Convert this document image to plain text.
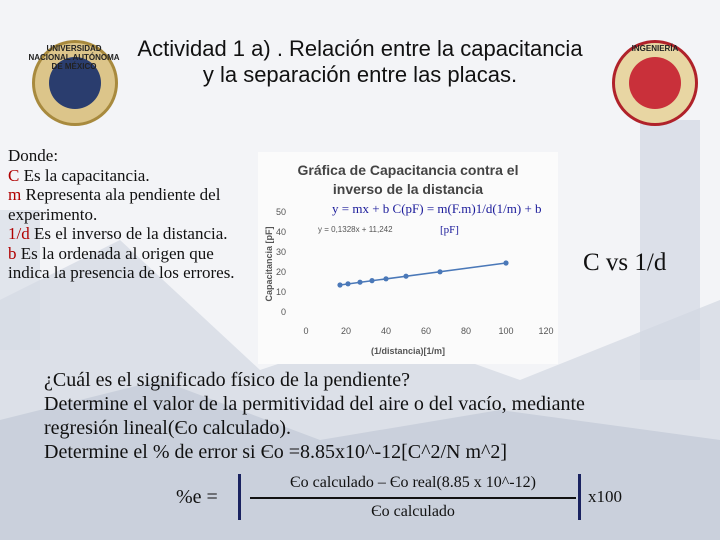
UNIVERSIDAD NACIONAL AUTÓNOMA DE MÉXICO
INGENIERÍA
Actividad 1 a) . Relación entre la capacitancia y la separación entre las placas.
Donde:
C Es la capacitancia.
m Representa ala pendiente del experimento.
1/d Es el inverso de la distancia.
b Es la ordenada al origen que indica la presencia de los errores.
Gráfica de Capacitancia contra el
inverso de la distancia
0
10
20
30
40
50
0	20	40	60	80	100	120
(1/distancia)[1/m]
Capacitancia [pF]	y = 0,1328x + 11,242
y = mx + b C(pF) = m(F.m)1/d(1/m) + b
[pF]
C vs 1/d
¿Cuál es el significado físico de la pendiente?
Determine el valor de la permitividad del aire o del vacío, mediante regresión lineal(Єo calculado).
Determine el % de error si Єo =8.85x10^-12[C^2/N m^2]
%e =
Єo calculado – Єo real(8.85 x 10^-12)
Єo calculado
x100
